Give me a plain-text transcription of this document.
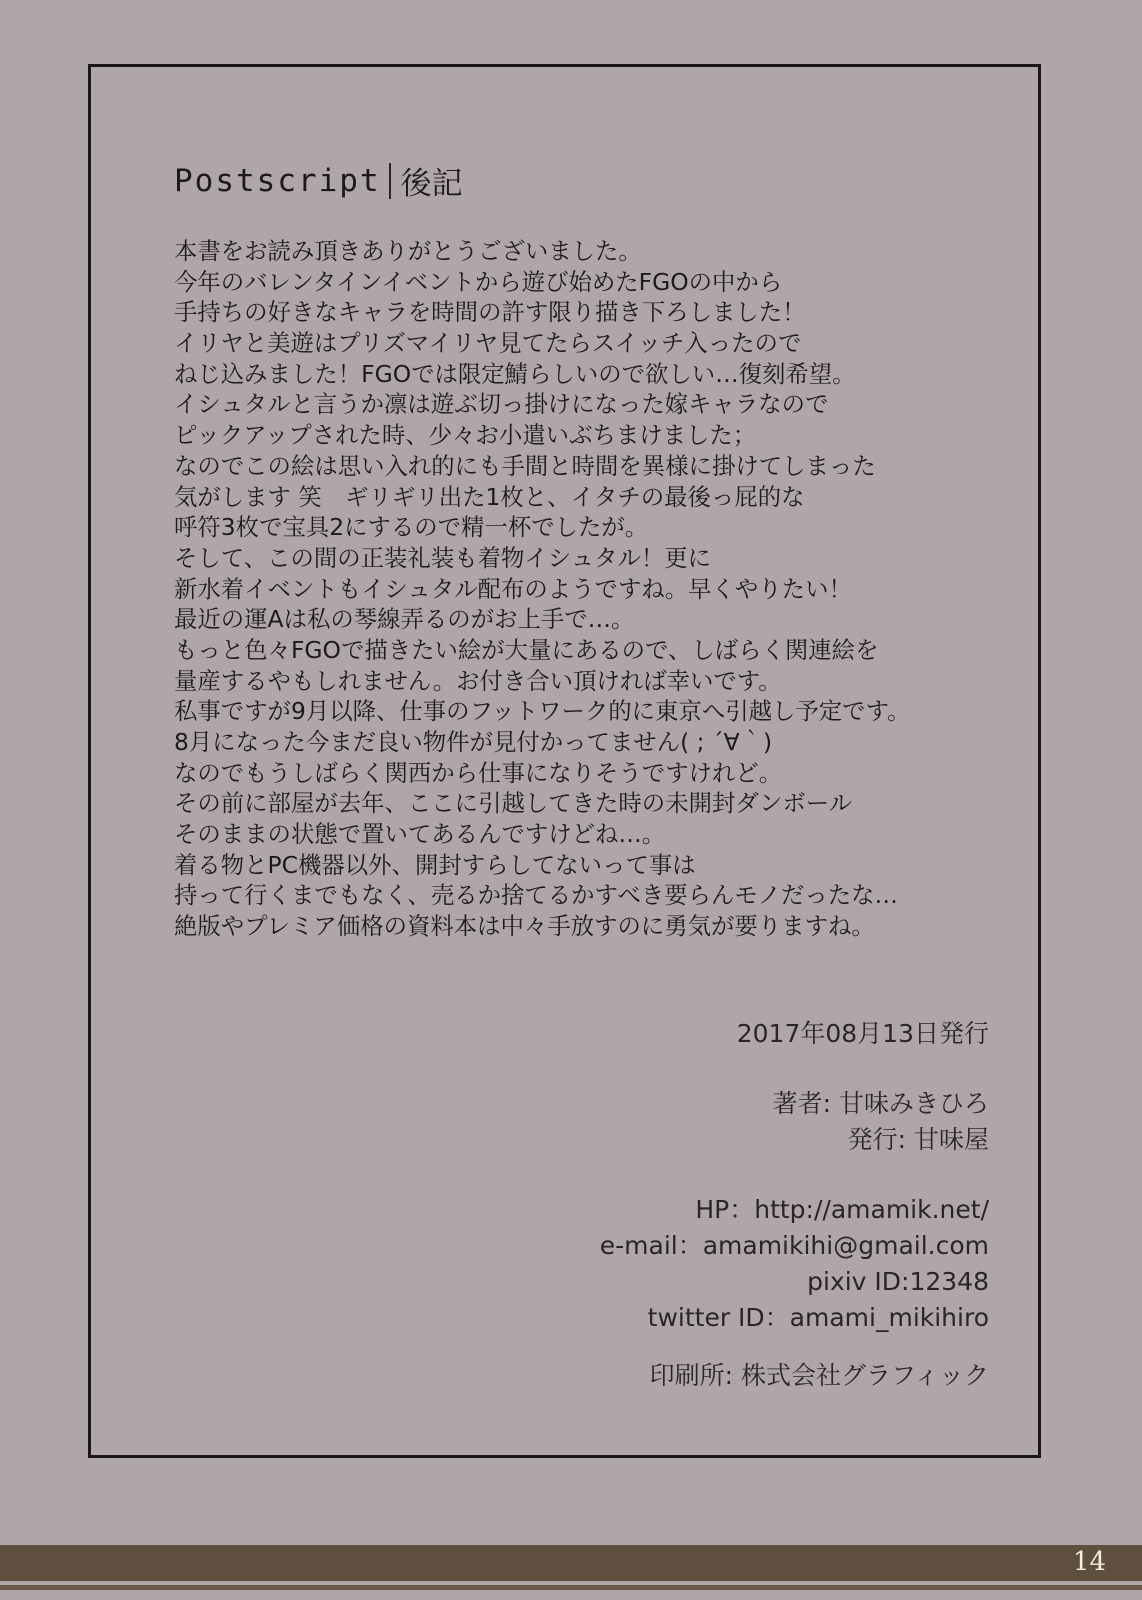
Postscript 後記
本書をお読み頂きありがとうございました。
今年のバレンタインイベントから遊び始めたFGOの中から
手持ちの好きなキャラを時間の許す限り描き下ろしました！
イリヤと美遊はプリズマイリヤ見てたらスイッチ入ったので
ねじ込みました！FGOでは限定鯖らしいので欲しい…復刻希望。
イシュタルと言うか凛は遊ぶ切っ掛けになった嫁キャラなので
ピックアップされた時、少々お小遣いぶちまけました；
なのでこの絵は思い入れ的にも手間と時間を異様に掛けてしまった
気がします 笑　ギリギリ出た1枚と、イタチの最後っ屁的な
呼符3枚で宝具2にするので精一杯でしたが。
そして、この間の正装礼装も着物イシュタル！更に
新水着イベントもイシュタル配布のようですね。早くやりたい！
最近の運Aは私の琴線弄るのがお上手で…。
もっと色々FGOで描きたい絵が大量にあるので、しばらく関連絵を
量産するやもしれません。お付き合い頂ければ幸いです。
私事ですが9月以降、仕事のフットワーク的に東京へ引越し予定です。
8月になった今まだ良い物件が見付かってません( ; ´∀｀)
なのでもうしばらく関西から仕事になりそうですけれど。
その前に部屋が去年、ここに引越してきた時の未開封ダンボール
そのままの状態で置いてあるんですけどね…。
着る物とPC機器以外、開封すらしてないって事は
持って行くまでもなく、売るか捨てるかすべき要らんモノだったな…
絶版やプレミア価格の資料本は中々手放すのに勇気が要りますね。
2017年08月13日発行
著者: 甘味みきひろ
発行: 甘味屋
HP：http://amamik.net/
e-mail：amamikihi@gmail.com
pixiv ID:12348
twitter ID：amami_mikihiro
印刷所: 株式会社グラフィック
14
